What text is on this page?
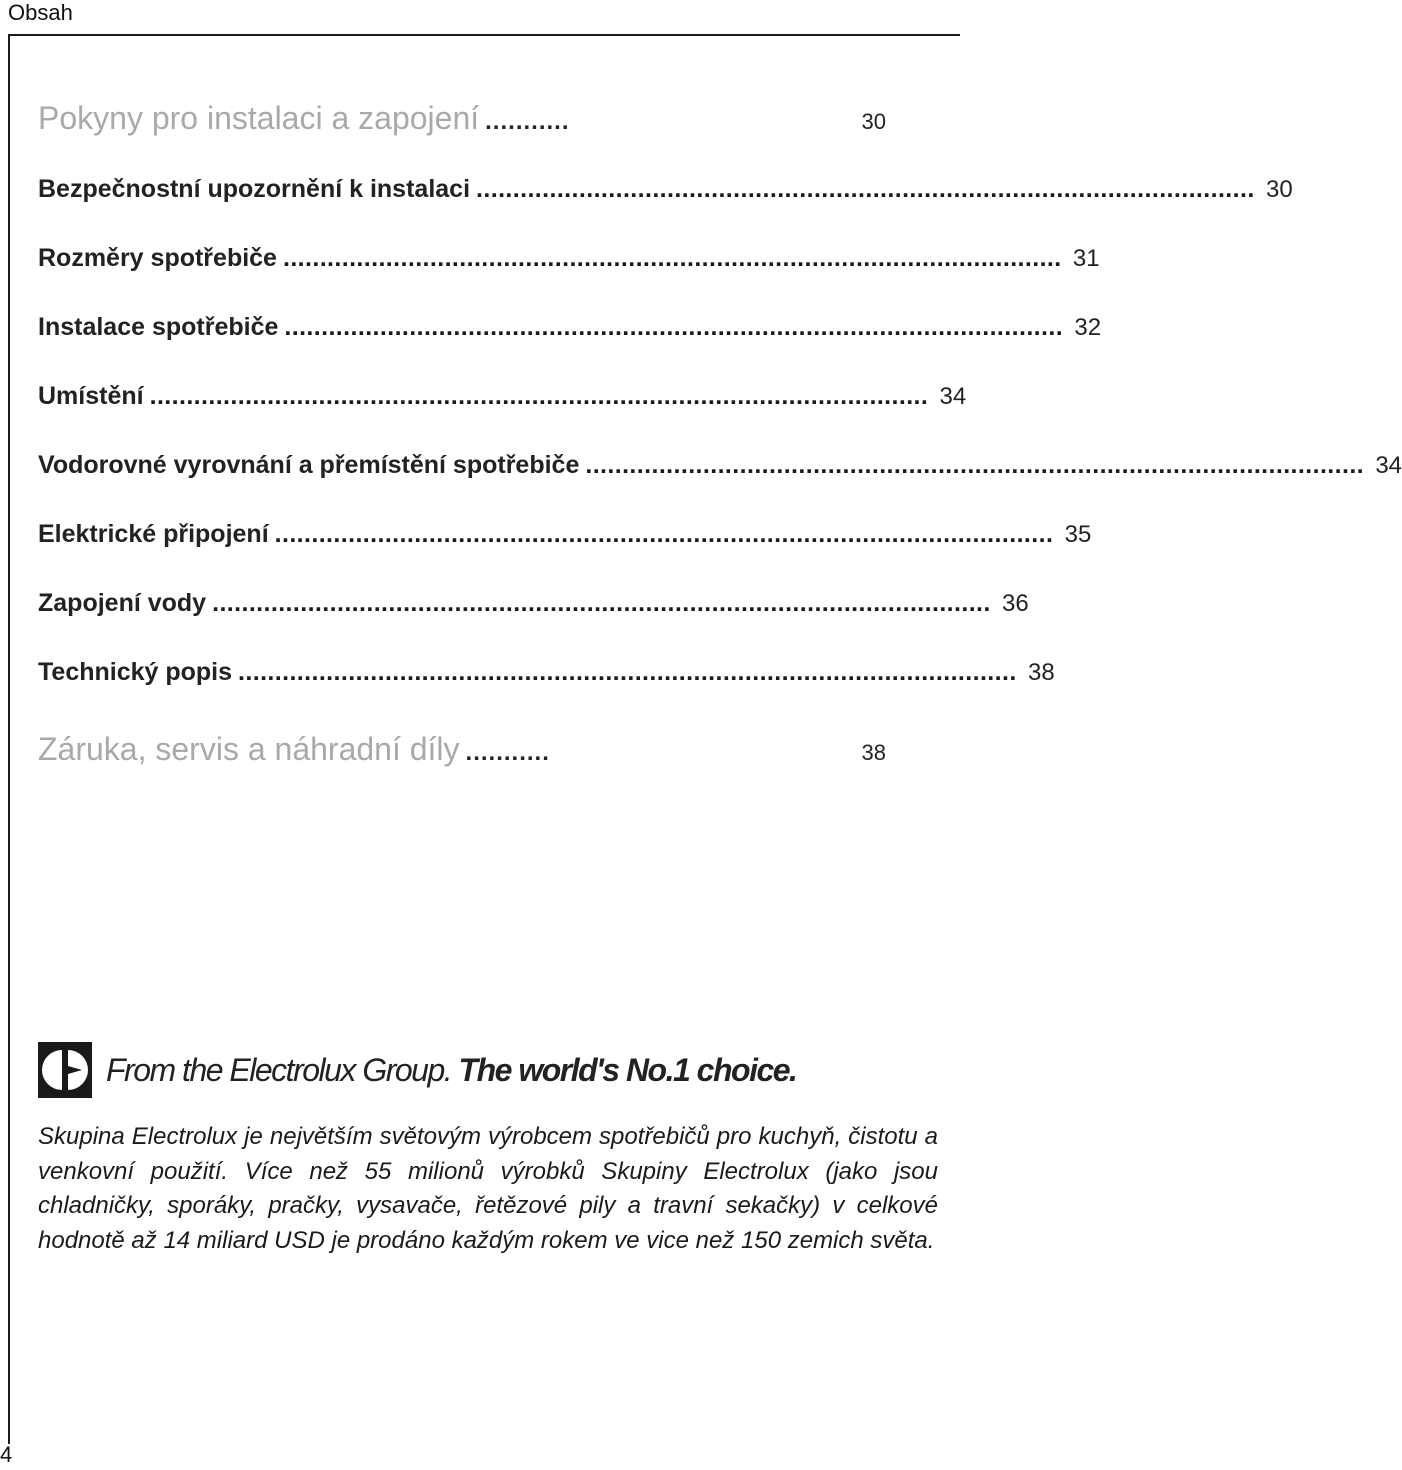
Obsah
Pokyny pro instalaci a zapojení ...........	30
Bezpečnostní upozornění k instalaci .......................................................................................................... 30
Rozměry spotřebiče .......................................................................................................... 31
Instalace spotřebiče .......................................................................................................... 32
Umístění .......................................................................................................... 34
Vodorovné vyrovnání a přemístění spotřebiče .......................................................................................................... 34
Elektrické připojení .......................................................................................................... 35
Zapojení vody .......................................................................................................... 36
Technický popis .......................................................................................................... 38
Záruka, servis a náhradní díly ...........	38
From the Electrolux Group. The world's No.1 choice.
Skupina Electrolux je největším světovým výrobcem spotřebičů pro kuchyň, čistotu a venkovní použití. Více než 55 milionů výrobků Skupiny Electrolux (jako jsou chladničky, sporáky, pračky, vysavače, řetězové pily a travní sekačky) v celkové hodnotě až 14 miliard USD je prodáno každým rokem ve vice než 150 zemich světa.
4
